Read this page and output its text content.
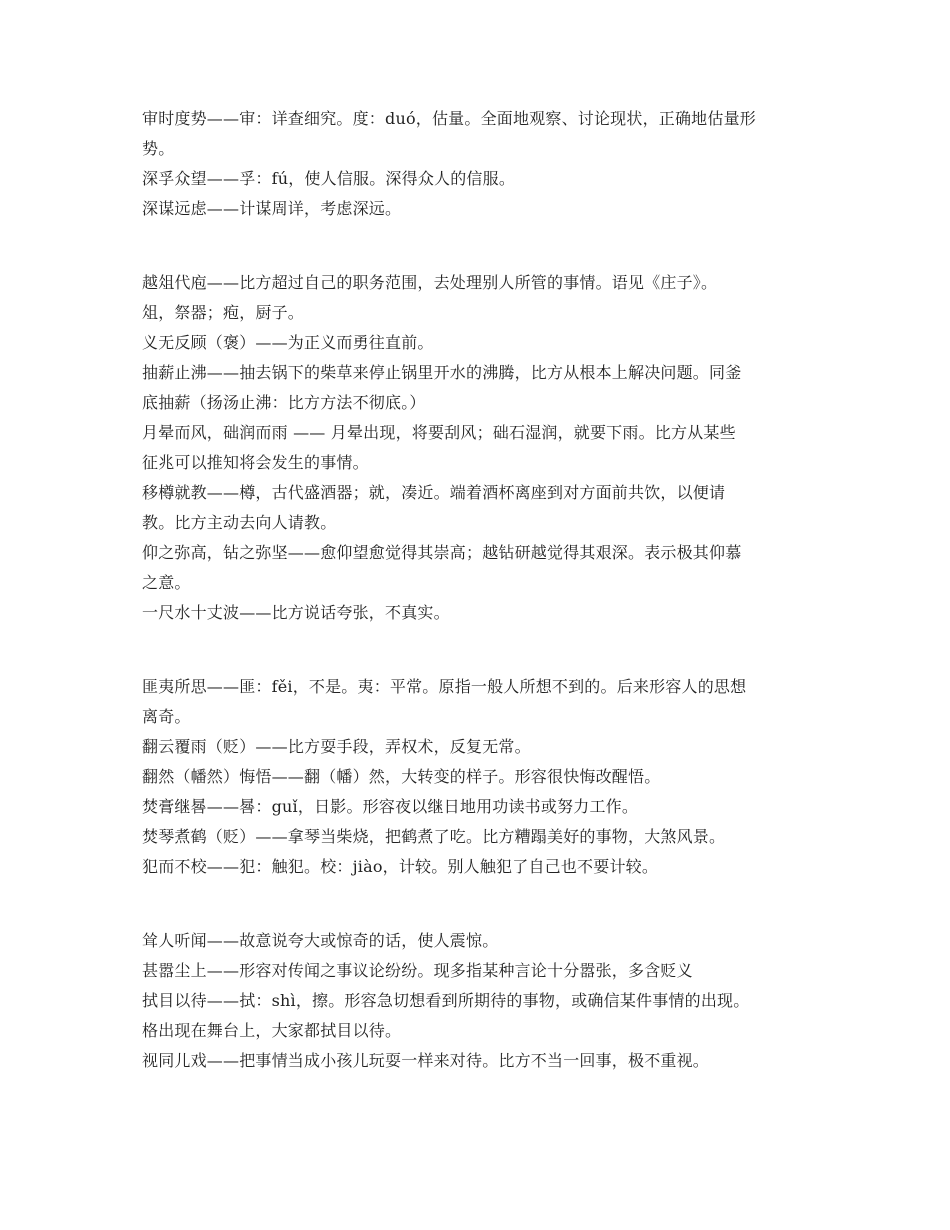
审时度势——审：详查细究。度：duó，估量。全面地观察、讨论现状，正确地估量形
势。
深孚众望——孚：fú，使人信服。深得众人的信服。
深谋远虑——计谋周详，考虑深远。
越俎代庖——比方超过自己的职务范围，去处理别人所管的事情。语见《庄子》。
俎，祭器；疱，厨子。
义无反顾（褒）——为正义而勇往直前。
抽薪止沸——抽去锅下的柴草来停止锅里开水的沸腾，比方从根本上解决问题。同釜
底抽薪（扬汤止沸：比方方法不彻底。）
月晕而风，础润而雨 —— 月晕出现，将要刮风；础石湿润，就要下雨。比方从某些
征兆可以推知将会发生的事情。
移樽就教——樽，古代盛酒器；就，凑近。端着酒杯离座到对方面前共饮，以便请
教。比方主动去向人请教。
仰之弥高，钻之弥坚——愈仰望愈觉得其崇高；越钻研越觉得其艰深。表示极其仰慕
之意。
一尺水十丈波——比方说话夸张，不真实。
匪夷所思——匪：fěi，不是。夷：平常。原指一般人所想不到的。后来形容人的思想
离奇。
翻云覆雨（贬）——比方耍手段，弄权术，反复无常。
翻然（幡然）悔悟——翻（幡）然，大转变的样子。形容很快悔改醒悟。
焚膏继晷——晷：guǐ，日影。形容夜以继日地用功读书或努力工作。
焚琴煮鹤（贬）——拿琴当柴烧，把鹤煮了吃。比方糟蹋美好的事物，大煞风景。
犯而不校——犯：触犯。校：jiào，计较。别人触犯了自己也不要计较。
耸人听闻——故意说夸大或惊奇的话，使人震惊。
甚嚣尘上——形容对传闻之事议论纷纷。现多指某种言论十分嚣张，多含贬义
拭目以待——拭：shì，擦。形容急切想看到所期待的事物，或确信某件事情的出现。
格出现在舞台上，大家都拭目以待。
视同儿戏——把事情当成小孩儿玩耍一样来对待。比方不当一回事，极不重视。
